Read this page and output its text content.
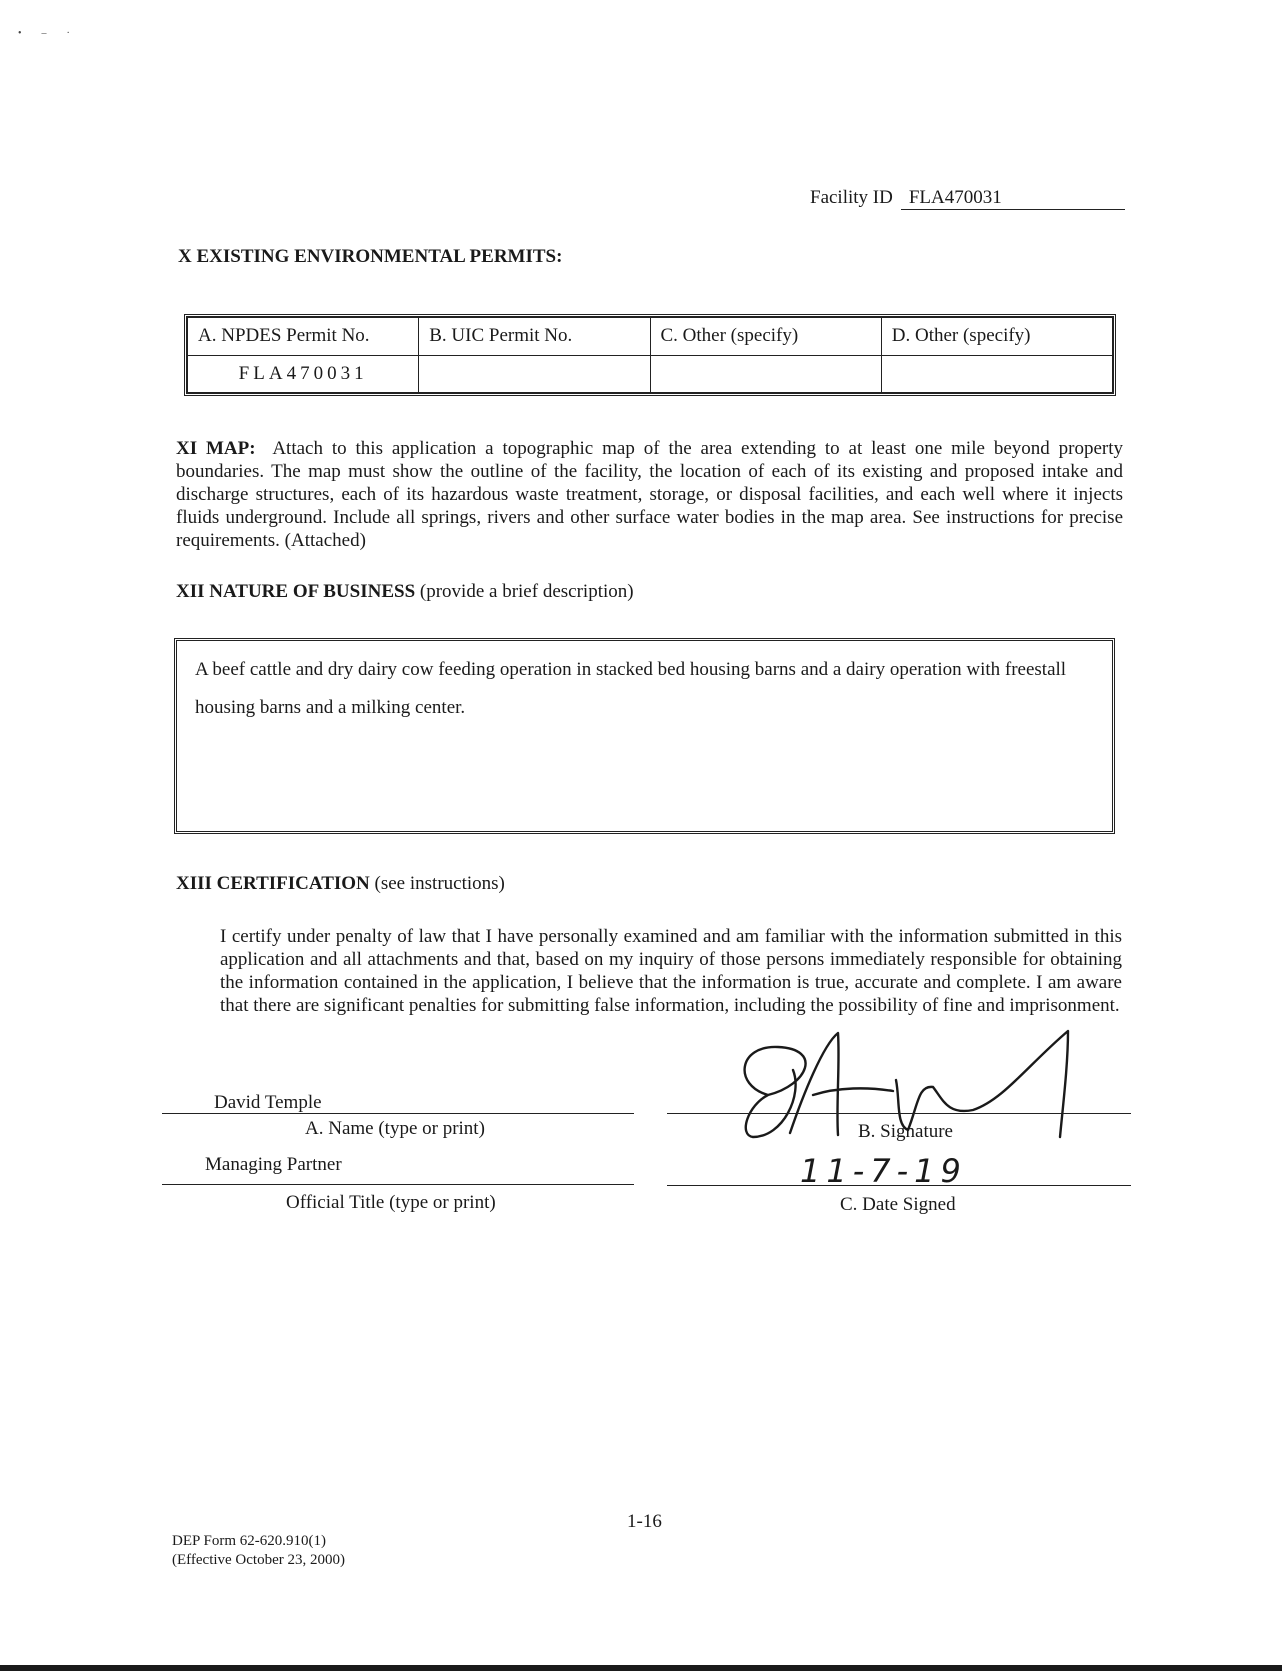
•–·
Facility ID FLA470031
X EXISTING ENVIRONMENTAL PERMITS:
A. NPDES Permit No.	B. UIC Permit No.	C. Other (specify)	D. Other (specify)
FLA470031			
XI MAP: Attach to this application a topographic map of the area extending to at least one mile beyond property boundaries. The map must show the outline of the facility, the location of each of its existing and proposed intake and discharge structures, each of its hazardous waste treatment, storage, or disposal facilities, and each well where it injects fluids underground. Include all springs, rivers and other surface water bodies in the map area. See instructions for precise requirements. (Attached)
XII NATURE OF BUSINESS (provide a brief description)
A beef cattle and dry dairy cow feeding operation in stacked bed housing barns and a dairy operation with freestall housing barns and a milking center.
XIII CERTIFICATION (see instructions)
I certify under penalty of law that I have personally examined and am familiar with the information submitted in this application and all attachments and that, based on my inquiry of those persons immediately responsible for obtaining the information contained in the application, I believe that the information is true, accurate and complete. I am aware that there are significant penalties for submitting false information, including the possibility of fine and imprisonment.
David Temple
A. Name (type or print)	B. Signature
Managing Partner
Official Title (type or print)
11-7-19
C. Date Signed
1-16
DEP Form 62-620.910(1)
(Effective October 23, 2000)
